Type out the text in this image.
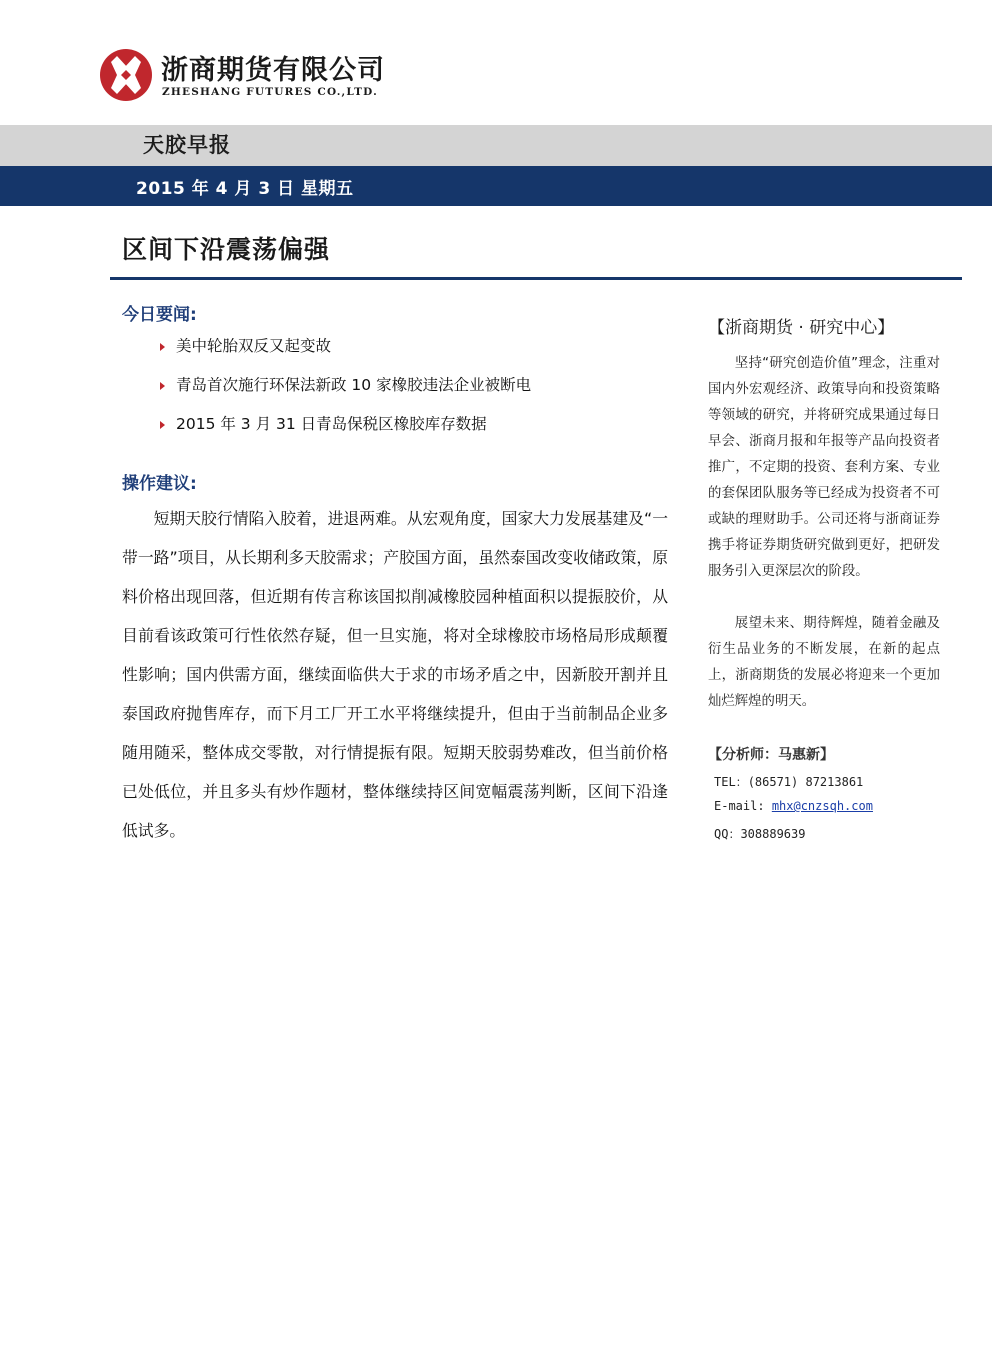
浙商期货有限公司
ZHESHANG FUTURES CO.,LTD.
天胶早报
2015 年 4 月 3 日 星期五
区间下沿震荡偏强
今日要闻:
美中轮胎双反又起变故
青岛首次施行环保法新政 10 家橡胶违法企业被断电
2015 年 3 月 31 日青岛保税区橡胶库存数据
操作建议:
短期天胶行情陷入胶着，进退两难。从宏观角度，国家大力发展基建及“一带一路”项目，从长期利多天胶需求；产胶国方面，虽然泰国改变收储政策，原料价格出现回落，但近期有传言称该国拟削减橡胶园种植面积以提振胶价，从目前看该政策可行性依然存疑，但一旦实施，将对全球橡胶市场格局形成颠覆性影响；国内供需方面，继续面临供大于求的市场矛盾之中，因新胶开割并且泰国政府抛售库存，而下月工厂开工水平将继续提升，但由于当前制品企业多随用随采，整体成交零散，对行情提振有限。短期天胶弱势难改，但当前价格已处低位，并且多头有炒作题材，整体继续持区间宽幅震荡判断，区间下沿逢低试多。
【浙商期货 · 研究中心】
坚持“研究创造价值”理念，注重对国内外宏观经济、政策导向和投资策略等领域的研究，并将研究成果通过每日早会、浙商月报和年报等产品向投资者推广，不定期的投资、套利方案、专业的套保团队服务等已经成为投资者不可或缺的理财助手。公司还将与浙商证券携手将证券期货研究做到更好，把研发服务引入更深层次的阶段。
展望未来、期待辉煌，随着金融及衍生品业务的不断发展，在新的起点上，浙商期货的发展必将迎来一个更加灿烂辉煌的明天。
【分析师：马惠新】
TEL：(86571) 87213861
E-mail: mhx@cnzsqh.com
QQ：308889639
